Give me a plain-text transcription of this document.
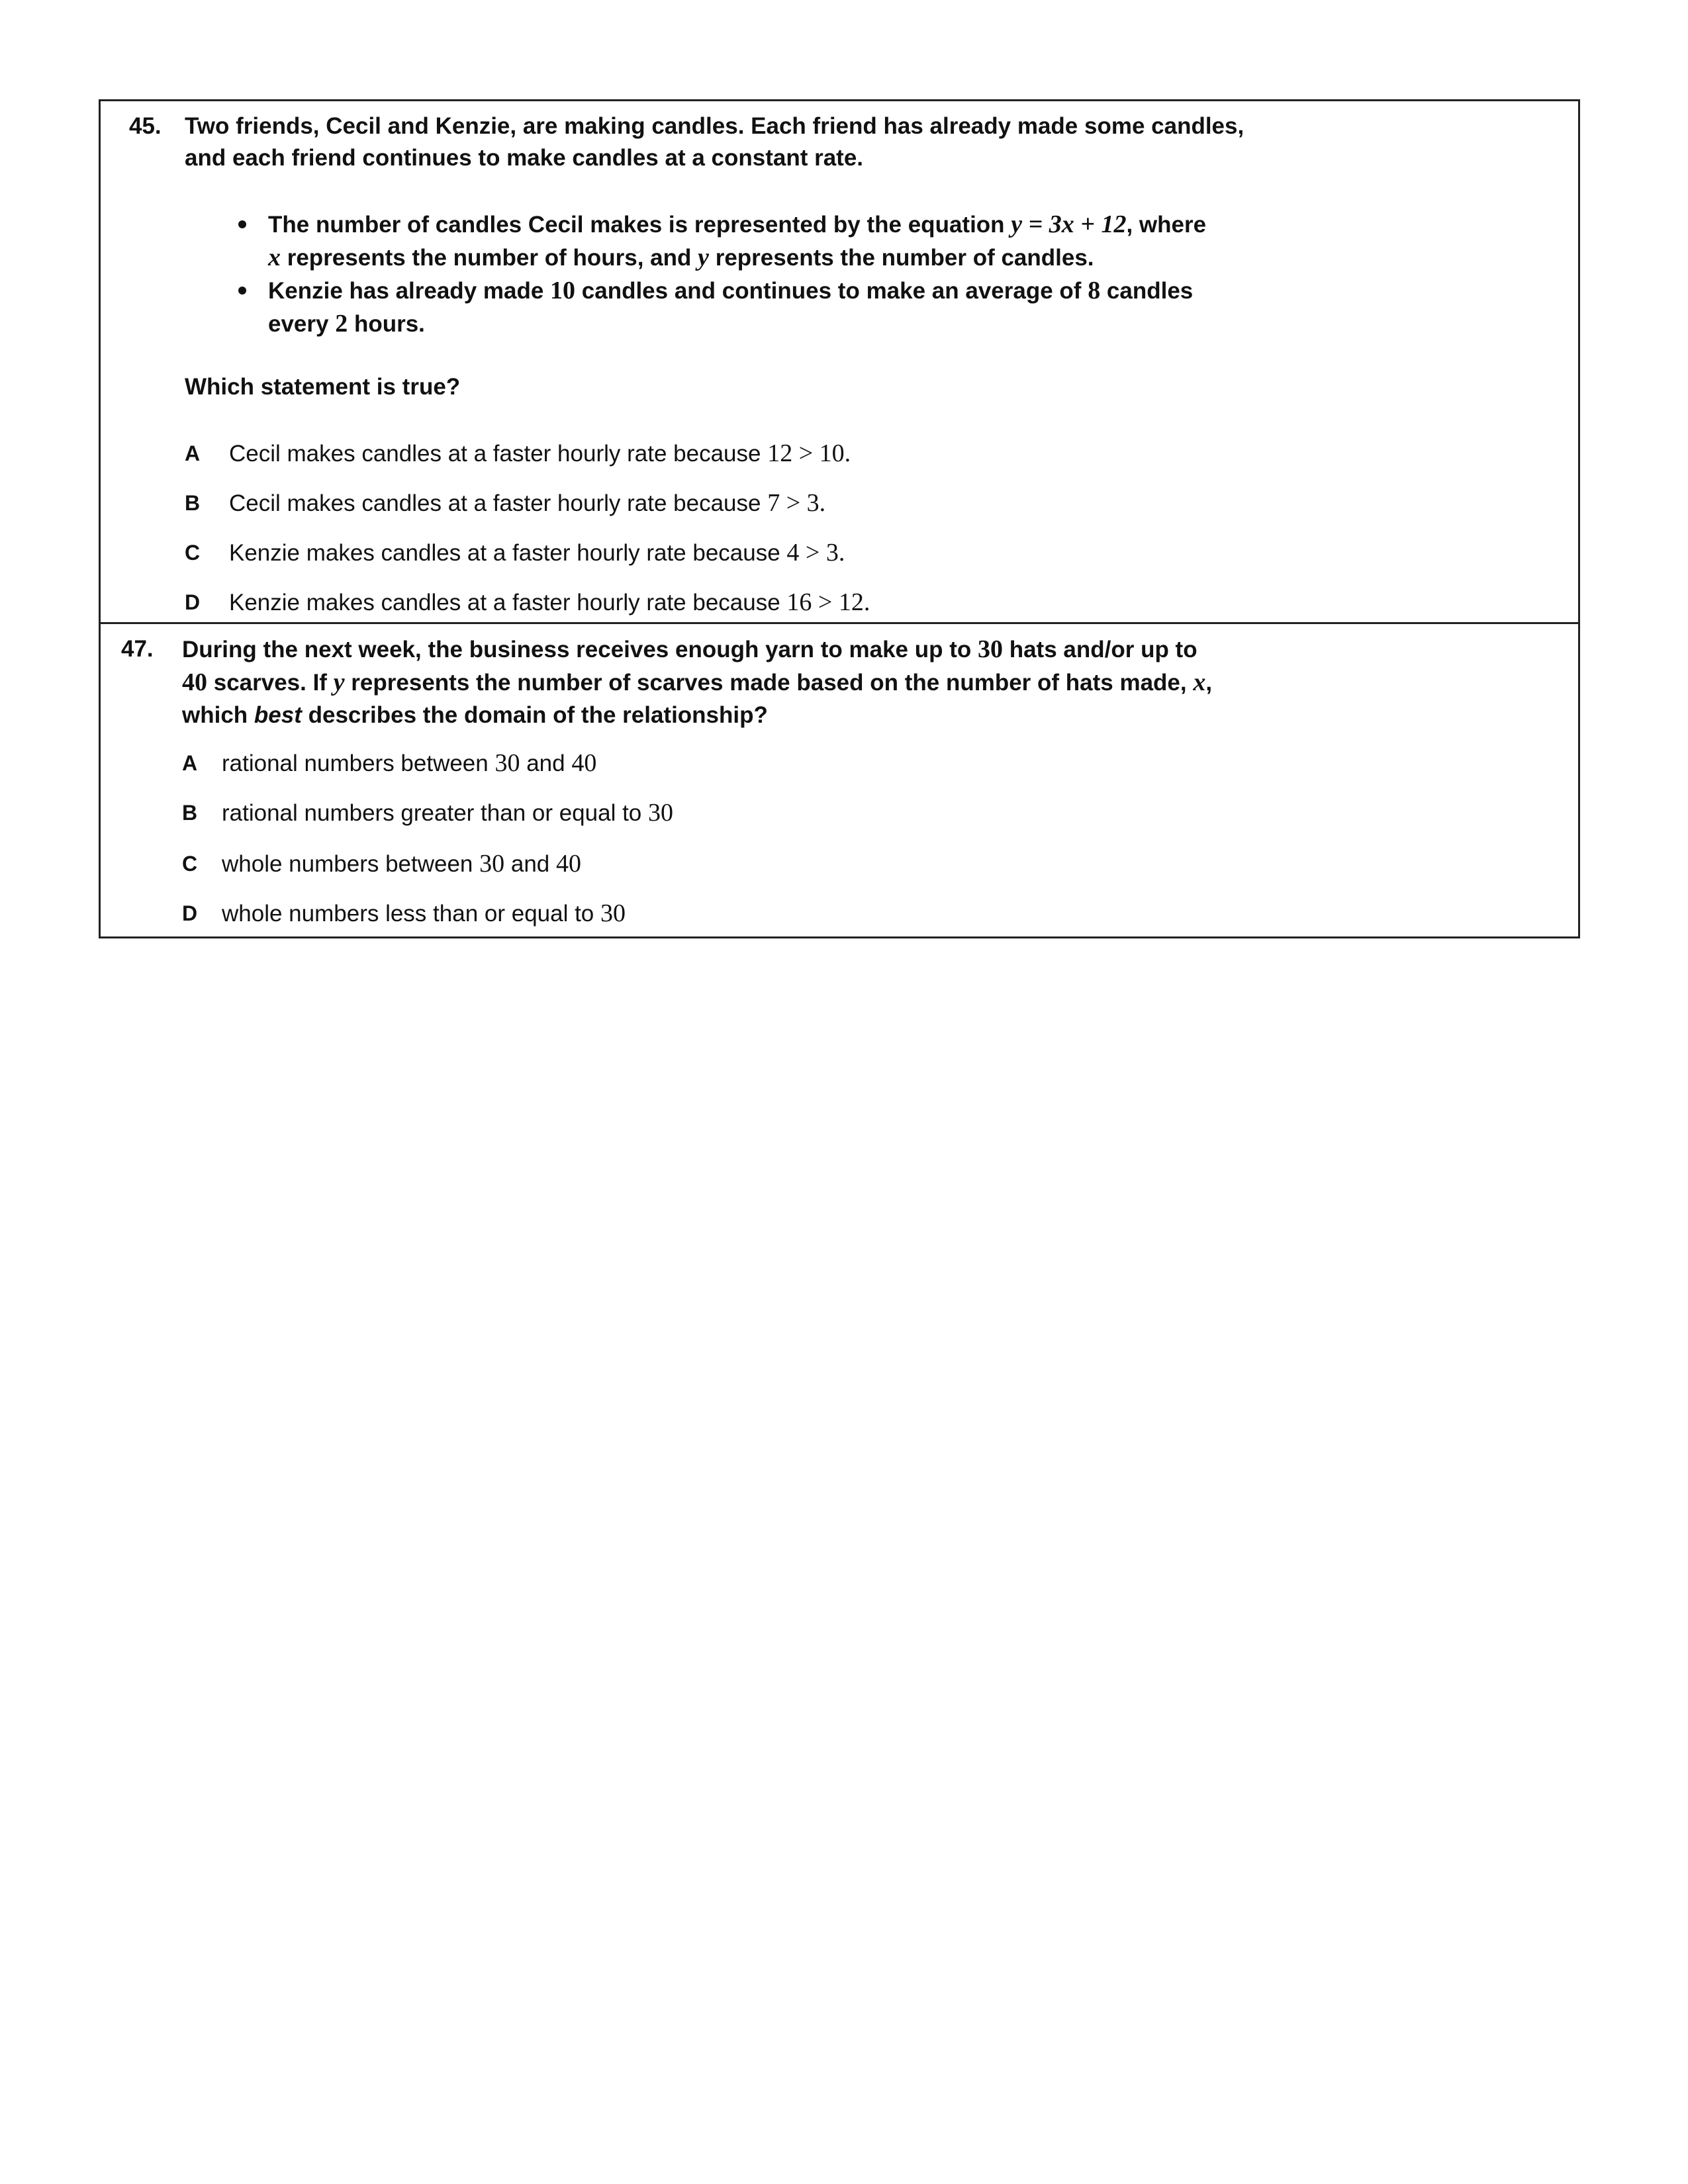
45. Two friends, Cecil and Kenzie, are making candles. Each friend has already made some candles,
and each friend continues to make candles at a constant rate.
The number of candles Cecil makes is represented by the equation y = 3x + 12, where
x represents the number of hours, and y represents the number of candles.
Kenzie has already made 10 candles and continues to make an average of 8 candles
every 2 hours.
Which statement is true?
A Cecil makes candles at a faster hourly rate because 12 > 10.
B Cecil makes candles at a faster hourly rate because 7 > 3.
C Kenzie makes candles at a faster hourly rate because 4 > 3.
D Kenzie makes candles at a faster hourly rate because 16 > 12.
47. During the next week, the business receives enough yarn to make up to 30 hats and/or up to
40 scarves. If y represents the number of scarves made based on the number of hats made, x,
which best describes the domain of the relationship?
A rational numbers between 30 and 40
B rational numbers greater than or equal to 30
C whole numbers between 30 and 40
D whole numbers less than or equal to 30
